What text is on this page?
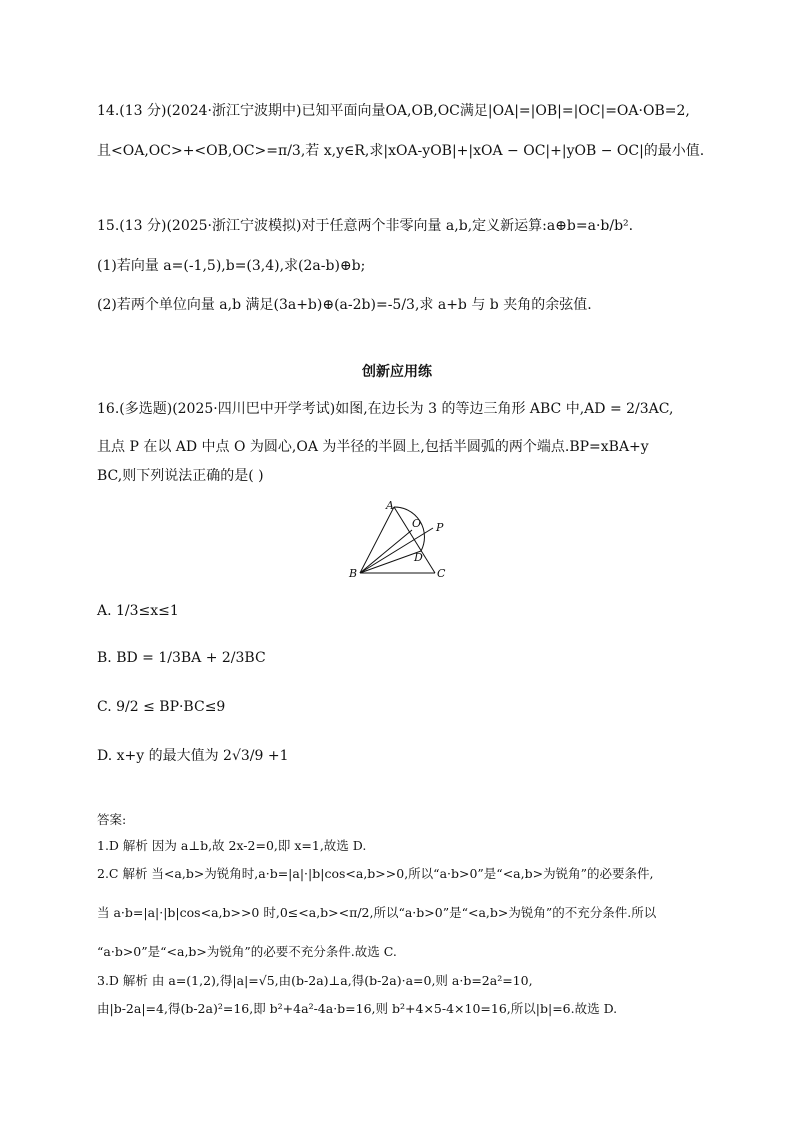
14.(13 分)(2024·浙江宁波期中)已知平面向量OA,OB,OC满足|OA|=|OB|=|OC|=OA·OB=2,
且<OA,OC>+<OB,OC>=π/3,若 x,y∈R,求|xOA-yOB|+|xOA − OC|+|yOB − OC|的最小值.
15.(13 分)(2025·浙江宁波模拟)对于任意两个非零向量 a,b,定义新运算:a⊕b=a·b/b².
(1)若向量 a=(-1,5),b=(3,4),求(2a-b)⊕b;
(2)若两个单位向量 a,b 满足(3a+b)⊕(a-2b)=-5/3,求 a+b 与 b 夹角的余弦值.
创新应用练
16.(多选题)(2025·四川巴中开学考试)如图,在边长为 3 的等边三角形 ABC 中,AD = 2/3AC,
且点 P 在以 AD 中点 O 为圆心,OA 为半径的半圆上,包括半圆弧的两个端点.BP=xBA+y
BC,则下列说法正确的是( )
A
B	C
D
O P
A. 1/3≤x≤1
B. BD = 1/3BA + 2/3BC
C. 9/2 ≤ BP·BC≤9
D. x+y 的最大值为 2√3/9 +1
答案:
1.D 解析 因为 a⊥b,故 2x-2=0,即 x=1,故选 D.
2.C 解析 当<a,b>为锐角时,a·b=|a|·|b|cos<a,b>>0,所以“a·b>0”是“<a,b>为锐角”的必要条件,
当 a·b=|a|·|b|cos<a,b>>0 时,0≤<a,b><π/2,所以“a·b>0”是“<a,b>为锐角”的不充分条件.所以
“a·b>0”是“<a,b>为锐角”的必要不充分条件.故选 C.
3.D 解析 由 a=(1,2),得|a|=√5,由(b-2a)⊥a,得(b-2a)·a=0,则 a·b=2a²=10,
由|b-2a|=4,得(b-2a)²=16,即 b²+4a²-4a·b=16,则 b²+4×5-4×10=16,所以|b|=6.故选 D.
